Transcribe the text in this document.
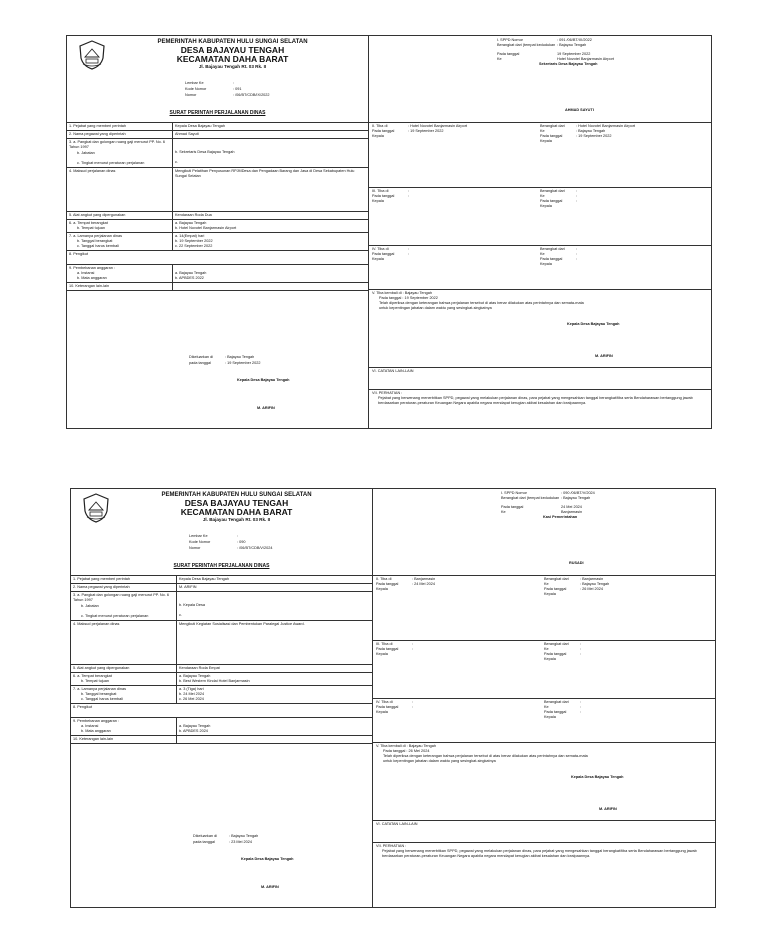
PEMERINTAH KABUPATEN HULU SUNGAI SELATAN
DESA BAJAYAU TENGAH
KECAMATAN DAHA BARAT
Jl. Bajayau Tengah Rt. 03 Rk. II
Lembar Ke	:
Kode Nomor	: 091
Nomor	: /06/BT/CDB/IX/2022
SURAT PERINTAH PERJALANAN DINAS
1. Pejabat yang memberi perintah	Kepala Desa Bajayau Tengah
2. Nama pegawai yang diperintah	Ahmad Sayuti
3. a. Pangkat dan golongan ruang gaji menurut PP. No. 6 Tahun 1997
b. Jabatan
c. Tingkat menurut peraturan perjalanan
b. Sekretaris Desa Bajayau Tengah
c.
4. Maksud perjalanan dinas	Mengikuti Pelatihan Penyusunan RPJMDesa dan Pengadaan Barang dan Jasa di Desa Sekabupaten Hulu Sungai Selatan
5. Alat angkut yang dipergunakan	Kendaraan Roda Dua
6. a. Tempat berangkat
b. Tempat tujuan
a. Bajayau Tengah
b. Hotel Novotel Banjarmasin Airport
7. a. Lamanya perjalanan dinas
b. Tanggal berangkat
c. Tanggal harus kembali
a. 14(Empat) hari
b. 19 September 2022
c. 22 September 2022
8. Pengikut
9. Pembebanan anggaran :
a. Instansi
b. Mata anggaran
a. Bajayau Tengah
b. APBDES 2022
10. Keterangan lain-lain
Dikeluarkan di	: Bajayau Tengah
pada tanggal	: 19 September 2022
Kepala Desa Bajayau Tengah
M. ARIFIN
I. SPPD Nomor	: 091 /06/BT/IX/2022
Berangkat dari (tempat kedudukan : Bajayau Tengah
Pada tanggal	19 September 2022
Ke	Hotel Novotel Banjarmasin Airport
Sekretaris Desa Bajayau Tengah
AHMAD SAYUTI
II. Tiba di	: Hotel Novotel Banjarmasin Airport
Pada tanggal	: 19 September 2022
Kepala
Berangkat dari	: Hotel Novotel Banjarmasin Airport
Ke	: Bajayau Tengah
Pada tanggal	: 19 September 2022
Kepala
III. Tiba di	:
Pada tanggal	:
Kepala
Berangkat dari	:
Ke	:
Pada tanggal	:
Kepala
IV. Tiba di	:
Pada tanggal	:
Kepala
Berangkat dari	:
Ke	:
Pada tanggal	:
Kepala
V. Tiba kembali di : Bajayau Tengah
Pada tanggal : 19 September 2022
Telah diperiksa dengan keterangan bahwa perjalanan tersebut di atas benar dilakukan atas perintahnya dan semata-mata untuk kepentingan jabatan dalam waktu yang sesingkat-singkatnya
Kepala Desa Bajayau Tengah
M. ARIFIN
VI. CATATAN LAIN-LAIN
VII. PERHATIAN :
Pejabat yang berwenang menerbitkan SPPD, pegawai yang melakukan perjalanan dinas, para pejabat yang mengesahkan tanggal berangkat/tiba serta Bendaharawan bertanggung jawab berdasarkan peraturan-peraturan Keuangan Negara apabila negara mendapat kerugian akibat kesalahan dan kealpaannya.
PEMERINTAH KABUPATEN HULU SUNGAI SELATAN
DESA BAJAYAU TENGAH
KECAMATAN DAHA BARAT
Jl. Bajayau Tengah Rt. 03 Rk. II
Lembar Ke	:
Kode Nomor	: 090
Nomor	: /06/BT/CDB/V/2024
SURAT PERINTAH PERJALANAN DINAS
1. Pejabat yang memberi perintah	Kepala Desa Bajayau Tengah
2. Nama pegawai yang diperintah	M. ARIFIN
3. a. Pangkat dan golongan ruang gaji menurut PP. No. 6 Tahun 1997
b. Jabatan
c. Tingkat menurut peraturan perjalanan
b. Kepala Desa
c.
4. Maksud perjalanan dinas	Mengikuti Kegiatan Sosialisasi dan Pembentukan Paralegal Justice Award.
5. Alat angkut yang dipergunakan	Kendaraan Roda Empat
6. a. Tempat berangkat
b. Tempat tujuan
a. Bajayau Tengah
b. Best Western Kindai Hotel Banjarmasin
7. a. Lamanya perjalanan dinas
b. Tanggal berangkat
c. Tanggal harus kembali
a. 3 (Tiga) hari
b. 24 Mei 2024
c. 26 Mei 2024
8. Pengikut
9. Pembebanan anggaran :
a. Instansi
b. Mata anggaran
a. Bajayau Tengah
b. APBDES 2024
10. Keterangan lain-lain
Dikeluarkan di	: Bajayau Tengah
pada tanggal	: 23 Mei 2024
Kepala Desa Bajayau Tengah
M. ARIFIN
I. SPPD Nomor	: 090 /06/BT/V/2024
Berangkat dari (tempat kedudukan : Bajayau Tengah
Pada tanggal	24 Mei 2024
Ke	Banjarmasin
Kasi Pemerintahan
RUSADI
II. Tiba di	: Banjarmasin
Pada tanggal	: 24 Mei 2024
Kepala
Berangkat dari	: Banjarmasin
Ke	: Bajayau Tengah
Pada tanggal	: 26 Mei 2024
Kepala
III. Tiba di	:
Pada tanggal	:
Kepala
Berangkat dari	:
Ke	:
Pada tanggal	:
Kepala
IV. Tiba di	:
Pada tanggal	:
Kepala
Berangkat dari	:
Ke	:
Pada tanggal	:
Kepala
V. Tiba kembali di : Bajayau Tengah
Pada tanggal : 26 Mei 2024
Telah diperiksa dengan keterangan bahwa perjalanan tersebut di atas benar dilakukan atas perintahnya dan semata-mata untuk kepentingan jabatan dalam waktu yang sesingkat-singkatnya
Kepala Desa Bajayau Tengah
M. ARIFIN
VI. CATATAN LAIN-LAIN
VII. PERHATIAN :
Pejabat yang berwenang menerbitkan SPPD, pegawai yang melakukan perjalanan dinas, para pejabat yang mengesahkan tanggal berangkat/tiba serta Bendaharawan bertanggung jawab berdasarkan peraturan-peraturan Keuangan Negara apabila negara mendapat kerugian akibat kesalahan dan kealpaannya.
